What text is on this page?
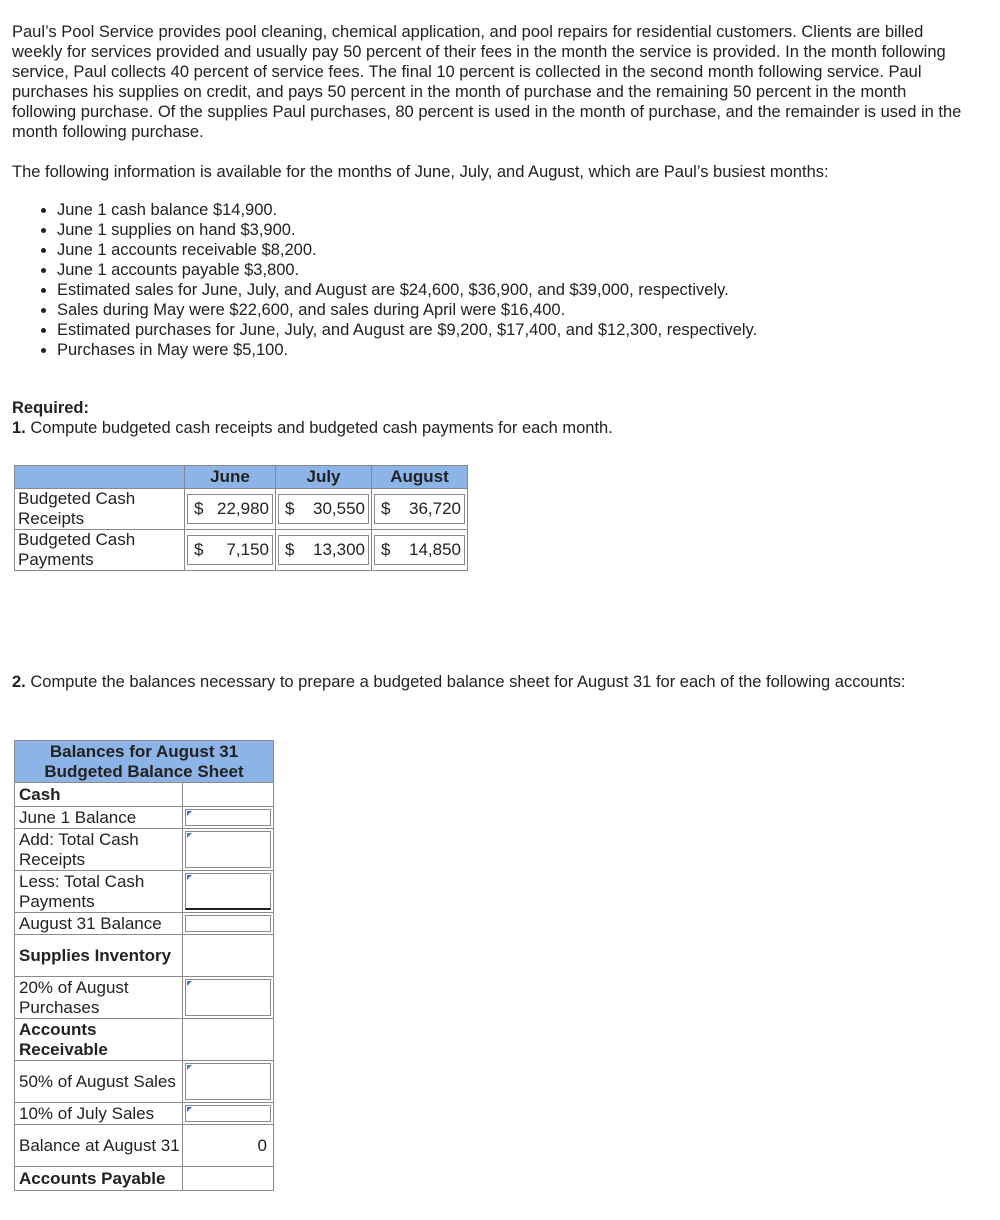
Paul’s Pool Service provides pool cleaning, chemical application, and pool repairs for residential customers. Clients are billed weekly for services provided and usually pay 50 percent of their fees in the month the service is provided. In the month following service, Paul collects 40 percent of service fees. The final 10 percent is collected in the second month following service. Paul purchases his supplies on credit, and pays 50 percent in the month of purchase and the remaining 50 percent in the month following purchase. Of the supplies Paul purchases, 80 percent is used in the month of purchase, and the remainder is used in the month following purchase.

The following information is available for the months of June, July, and August, which are Paul’s busiest months:

• June 1 cash balance $14,900.
• June 1 supplies on hand $3,900.
• June 1 accounts receivable $8,200.
• June 1 accounts payable $3,800.
• Estimated sales for June, July, and August are $24,600, $36,900, and $39,000, respectively.
• Sales during May were $22,600, and sales during April were $16,400.
• Estimated purchases for June, July, and August are $9,200, $17,400, and $12,300, respectively.
• Purchases in May were $5,100.

Required:

1. Compute budgeted cash receipts and budgeted cash payments for each month.

	June	July	August
Budgeted Cash Receipts	$ 22,980	$ 30,550	$ 36,720

Budgeted Cash Payments	$ 7,150	$ 13,300	$ 14,850

2. Compute the balances necessary to prepare a budgeted balance sheet for August 31 for each of the following accounts:

Balances for August 31
Budgeted Balance Sheet	
Cash	
June 1 Balance	

Add: Total Cash Receipts	

Less: Total Cash Payments	

August 31 Balance	

Supplies Inventory	
20% of August Purchases	

Accounts Receivable	
50% of August Sales	

10% of July Sales	

Balance at August 31	0

Accounts Payable	
